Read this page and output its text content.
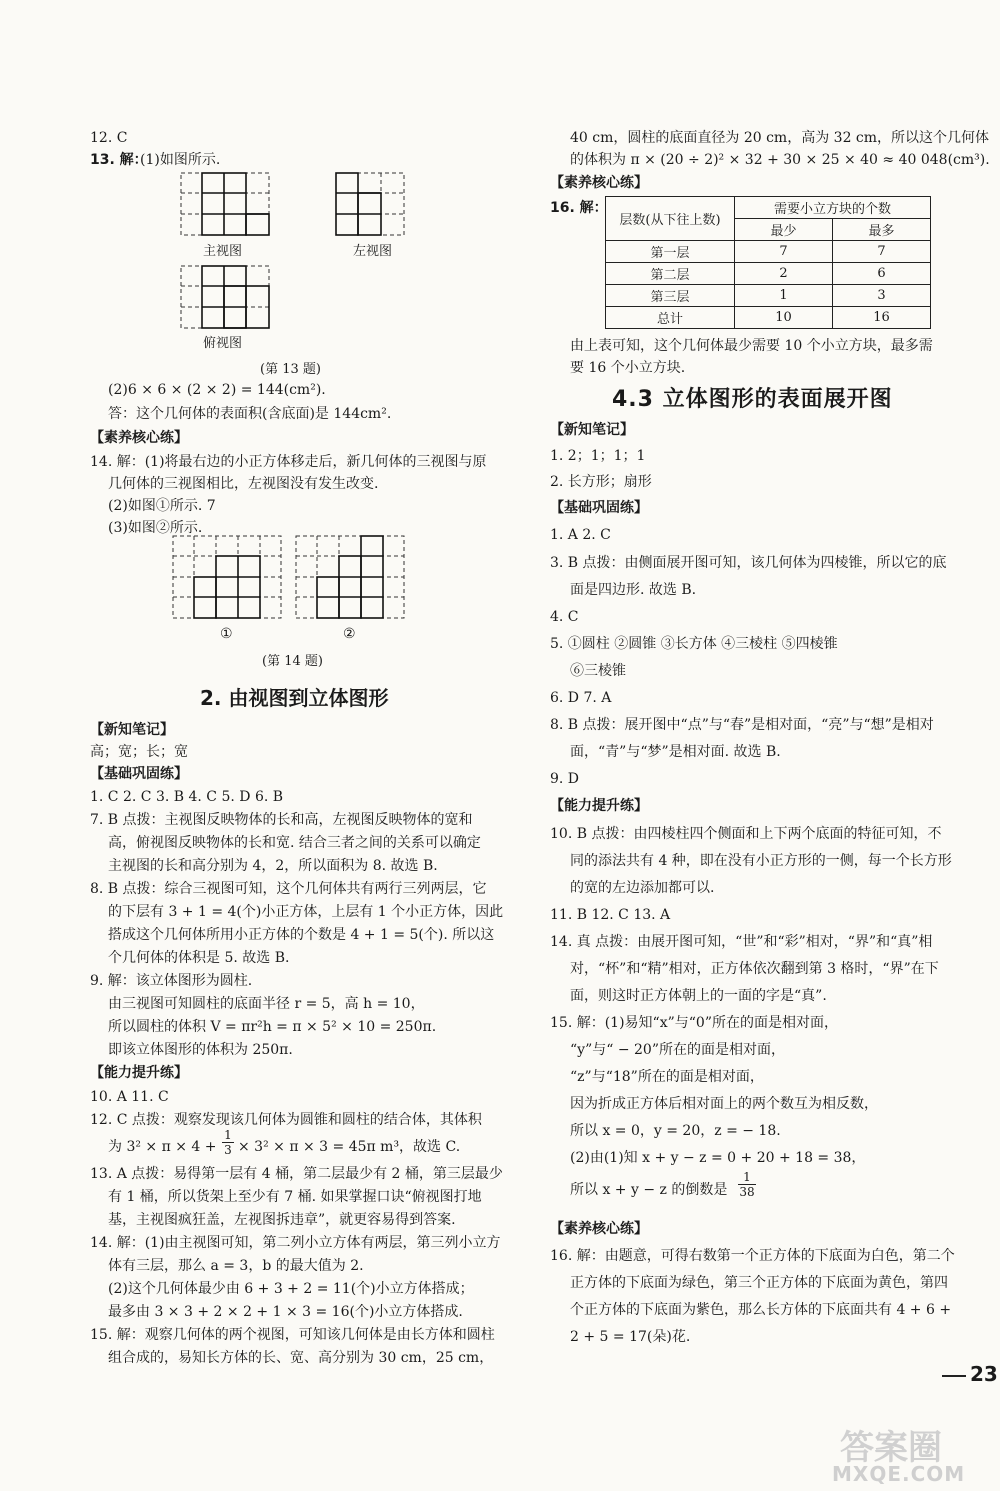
12. C
13. 解：
(1)如图所示.
主视图	左视图
俯视图
(第 13 题)
(2)6 × 6 × (2 × 2) = 144(cm²).
答：这个几何体的表面积(含底面)是 144cm².
【素养核心练】
14. 解：(1)将最右边的小正方体移走后，新几何体的三视图与原
几何体的三视图相比，左视图没有发生改变.
(2)如图①所示. 7
(3)如图②所示.
①	②
(第 14 题)
2. 由视图到立体图形
【新知笔记】
高；宽；长；宽
【基础巩固练】
1. C 2. C 3. B 4. C 5. D 6. B
7. B 点拨：主视图反映物体的长和高，左视图反映物体的宽和
高，俯视图反映物体的长和宽. 结合三者之间的关系可以确定
主视图的长和高分别为 4，2，所以面积为 8. 故选 B.
8. B 点拨：综合三视图可知，这个几何体共有两行三列两层，它
的下层有 3 + 1 = 4(个)小正方体，上层有 1 个小正方体，因此
搭成这个几何体所用小正方体的个数是 4 + 1 = 5(个). 所以这
个几何体的体积是 5. 故选 B.
9. 解：该立体图形为圆柱.
由三视图可知圆柱的底面半径 r = 5，高 h = 10，
所以圆柱的体积 V = πr²h = π × 5² × 10 = 250π.
即该立体图形的体积为 250π.
【能力提升练】
10. A 11. C
12. C 点拨：观察发现该几何体为圆锥和圆柱的结合体，其体积
为 $3^2 \times \pi \times 4 + \frac{1}{3} \times 3^2 \times \pi \times 3 = 45\pi$ m³，故选 C.
13. A 点拨：易得第一层有 4 桶，第二层最少有 2 桶，第三层最少
有 1 桶，所以货架上至少有 7 桶. 如果掌握口诀“俯视图打地
基，主视图疯狂盖，左视图拆违章”，就更容易得到答案.
14. 解：(1)由主视图可知，第二列小立方体有两层，第三列小立方
体有三层，那么 a = 3，b 的最大值为 2.
(2)这个几何体最少由 6 + 3 + 2 = 11(个)小立方体搭成；
最多由 3 × 3 + 2 × 2 + 1 × 3 = 16(个)小立方体搭成.
15. 解：观察几何体的两个视图，可知该几何体是由长方体和圆柱
组合成的，易知长方体的长、宽、高分别为 30 cm，25 cm，
40 cm，圆柱的底面直径为 20 cm，高为 32 cm，所以这个几何体
的体积为 π × (20 ÷ 2)² × 32 + 30 × 25 × 40 ≈ 40 048(cm³).
【素养核心练】
16. 解：
层数(从下往上数)	需要小立方块的个数	
	最少	最多
第一层	7	7
第二层	2	6
第三层	1	3
总计	10	16
由上表可知，这个几何体最少需要 10 个小立方块，最多需
要 16 个小立方块.
4.3 立体图形的表面展开图
【新知笔记】
1. 2；1；1；1
2. 长方形；扇形
【基础巩固练】
1. A 2. C
3. B 点拨：由侧面展开图可知，该几何体为四棱锥，所以它的底
面是四边形. 故选 B.
4. C
5. ①圆柱 ②圆锥 ③长方体 ④三棱柱 ⑤四棱锥
⑥三棱锥
6. D 7. A
8. B 点拨：展开图中“点”与“春”是相对面，“亮”与“想”是相对
面，“青”与“梦”是相对面. 故选 B.
9. D
【能力提升练】
10. B 点拨：由四棱柱四个侧面和上下两个底面的特征可知，不
同的添法共有 4 种，即在没有小正方形的一侧，每一个长方形
的宽的左边添加都可以.
11. B 12. C 13. A
14. 真 点拨：由展开图可知，“世”和“彩”相对，“界”和“真”相
对，“杯”和“精”相对，正方体依次翻到第 3 格时，“界”在下
面，则这时正方体朝上的一面的字是“真”.
15. 解：(1)易知“x”与“0”所在的面是相对面，
“y”与“ − 20”所在的面是相对面，
“z”与“18”所在的面是相对面，
因为折成正方体后相对面上的两个数互为相反数，
所以 x = 0，y = 20，z = − 18.
(2)由(1)知 x + y − z = 0 + 20 + 18 = 38，
所以 x + y − z 的倒数是 $\frac{1}{38}$
【素养核心练】
16. 解：由题意，可得右数第一个正方体的下底面为白色，第二个
正方体的下底面为绿色，第三个正方体的下底面为黄色，第四
个正方体的下底面为紫色，那么长方体的下底面共有 4 + 6 +
2 + 5 = 17(朵)花.
23
答案圈
MXQE.COM
